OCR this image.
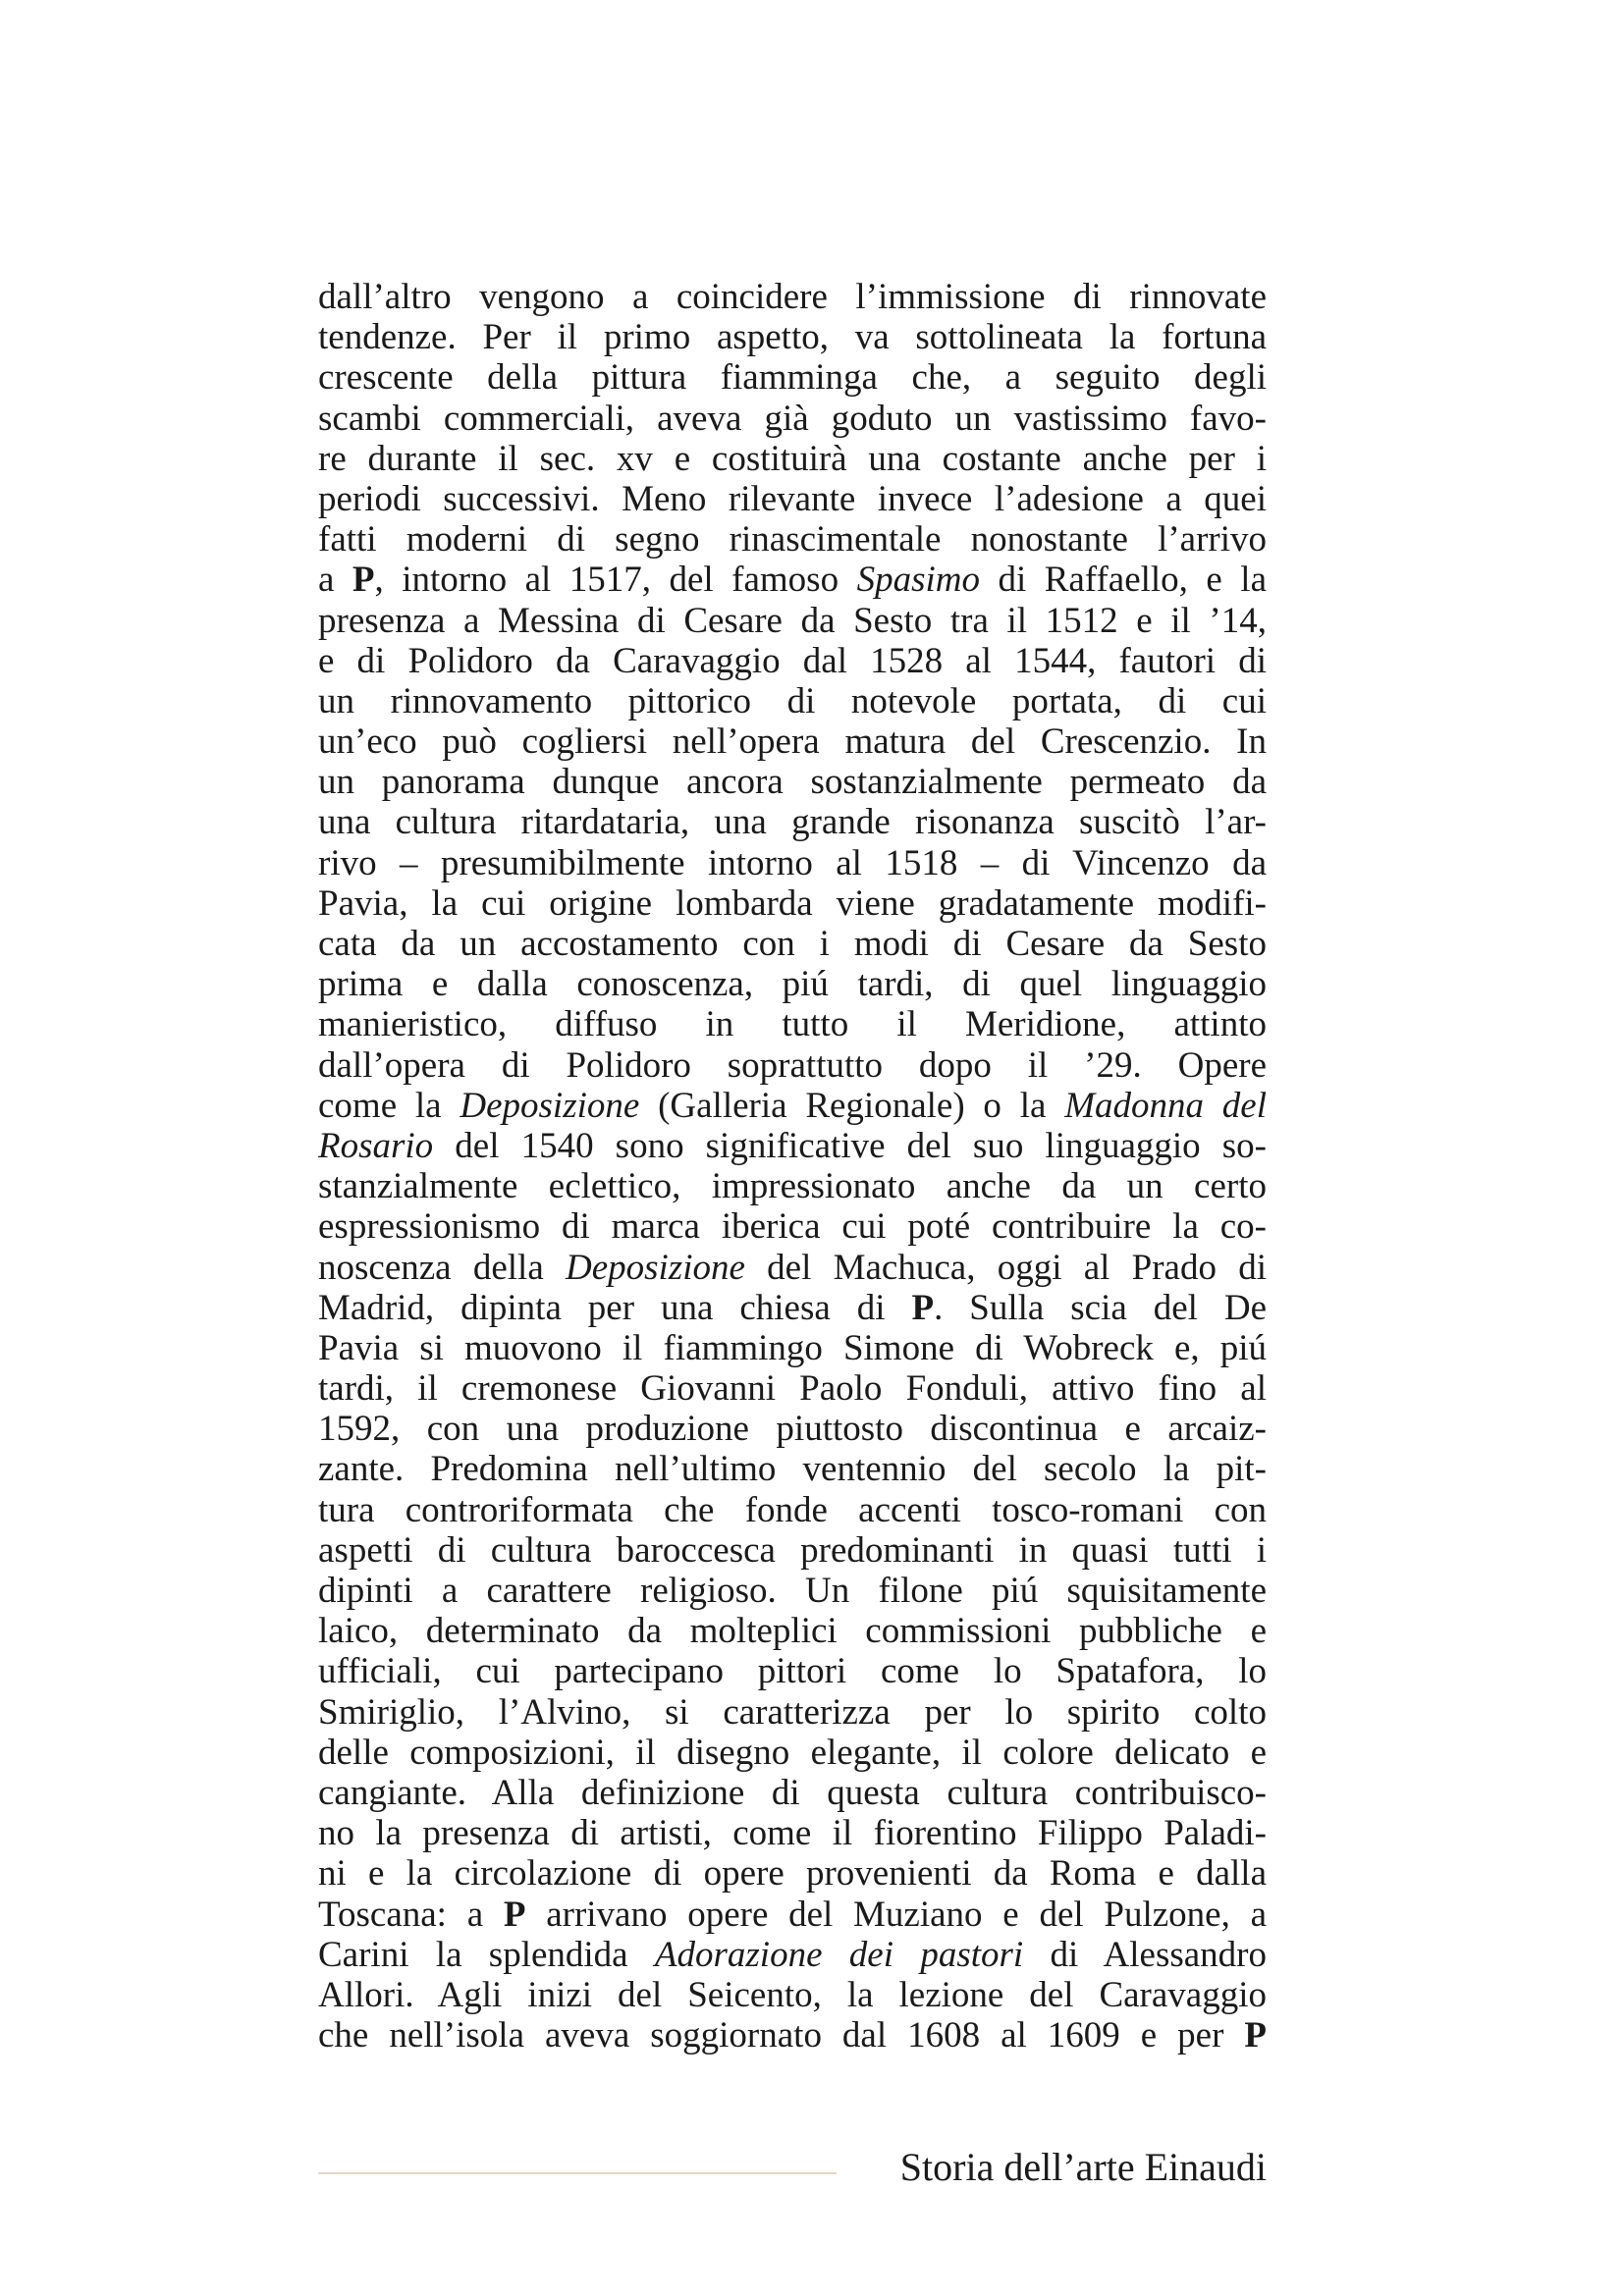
dall’altro vengono a coincidere l’immissione di rinnovate
tendenze. Per il primo aspetto, va sottolineata la fortuna
crescente della pittura fiamminga che, a seguito degli
scambi commerciali, aveva già goduto un vastissimo favo-
re durante il sec. xv e costituirà una costante anche per i
periodi successivi. Meno rilevante invece l’adesione a quei
fatti moderni di segno rinascimentale nonostante l’arrivo
a P, intorno al 1517, del famoso Spasimo di Raffaello, e la
presenza a Messina di Cesare da Sesto tra il 1512 e il ’14,
e di Polidoro da Caravaggio dal 1528 al 1544, fautori di
un rinnovamento pittorico di notevole portata, di cui
un’eco può cogliersi nell’opera matura del Crescenzio. In
un panorama dunque ancora sostanzialmente permeato da
una cultura ritardataria, una grande risonanza suscitò l’ar-
rivo – presumibilmente intorno al 1518 – di Vincenzo da
Pavia, la cui origine lombarda viene gradatamente modifi-
cata da un accostamento con i modi di Cesare da Sesto
prima e dalla conoscenza, piú tardi, di quel linguaggio
manieristico, diffuso in tutto il Meridione, attinto
dall’opera di Polidoro soprattutto dopo il ’29. Opere
come la Deposizione (Galleria Regionale) o la Madonna del
Rosario del 1540 sono significative del suo linguaggio so-
stanzialmente eclettico, impressionato anche da un certo
espressionismo di marca iberica cui poté contribuire la co-
noscenza della Deposizione del Machuca, oggi al Prado di
Madrid, dipinta per una chiesa di P. Sulla scia del De
Pavia si muovono il fiammingo Simone di Wobreck e, piú
tardi, il cremonese Giovanni Paolo Fonduli, attivo fino al
1592, con una produzione piuttosto discontinua e arcaiz-
zante. Predomina nell’ultimo ventennio del secolo la pit-
tura controriformata che fonde accenti tosco-romani con
aspetti di cultura baroccesca predominanti in quasi tutti i
dipinti a carattere religioso. Un filone piú squisitamente
laico, determinato da molteplici commissioni pubbliche e
ufficiali, cui partecipano pittori come lo Spatafora, lo
Smiriglio, l’Alvino, si caratterizza per lo spirito colto
delle composizioni, il disegno elegante, il colore delicato e
cangiante. Alla definizione di questa cultura contribuisco-
no la presenza di artisti, come il fiorentino Filippo Paladi-
ni e la circolazione di opere provenienti da Roma e dalla
Toscana: a P arrivano opere del Muziano e del Pulzone, a
Carini la splendida Adorazione dei pastori di Alessandro
Allori. Agli inizi del Seicento, la lezione del Caravaggio
che nell’isola aveva soggiornato dal 1608 al 1609 e per P
Storia dell’arte Einaudi
